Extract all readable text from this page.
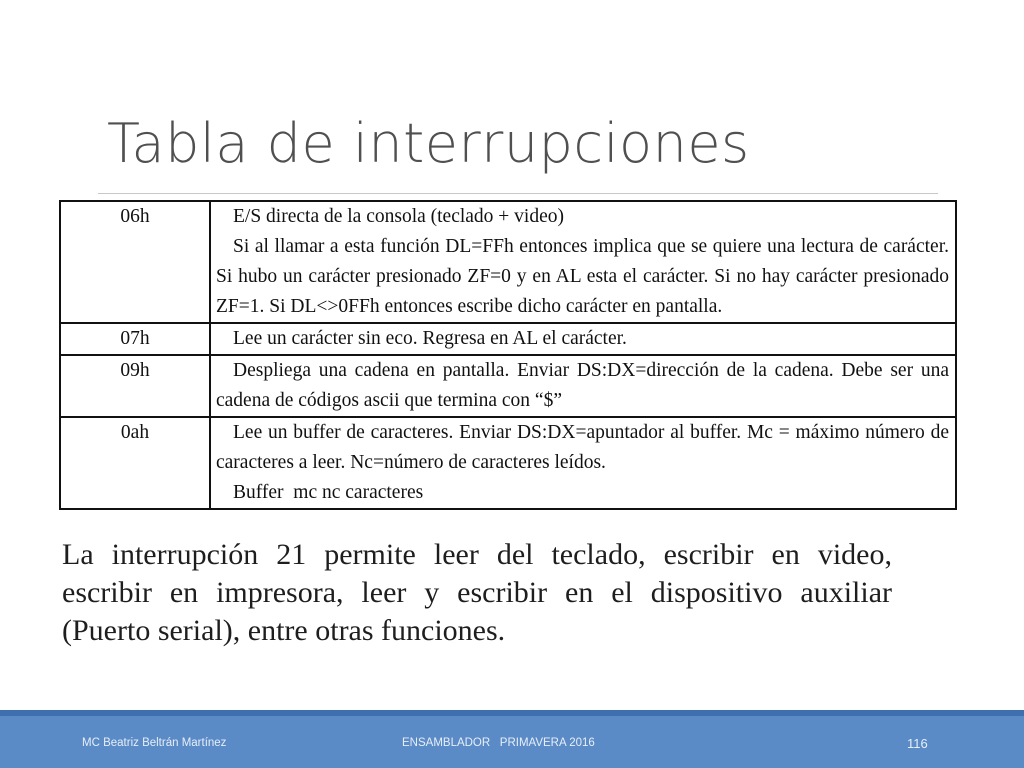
Tabla de interrupciones
06h	E/S directa de la consola (teclado + video)

Si al llamar a esta función DL=FFh entonces implica que se quiere una lectura de carácter. Si hubo un carácter presionado ZF=0 y en AL esta el carácter. Si no hay carácter presionado ZF=1. Si DL<>0FFh entonces escribe dicho carácter en pantalla.

07h	Lee un carácter sin eco. Regresa en AL el carácter.

09h	Despliega una cadena en pantalla. Enviar DS:DX=dirección de la cadena. Debe ser una cadena de códigos ascii que termina con “$”

0ah	Lee un buffer de caracteres. Enviar DS:DX=apuntador al buffer. Mc = máximo número de caracteres a leer. Nc=número de caracteres leídos.

Buffer  mc nc caracteres

La interrupción 21 permite leer del teclado, escribir en video, escribir en impresora, leer y escribir en el dispositivo auxiliar (Puerto serial), entre otras funciones.
MC Beatriz Beltrán Martínez	ENSAMBLADOR   PRIMAVERA 2016	116
